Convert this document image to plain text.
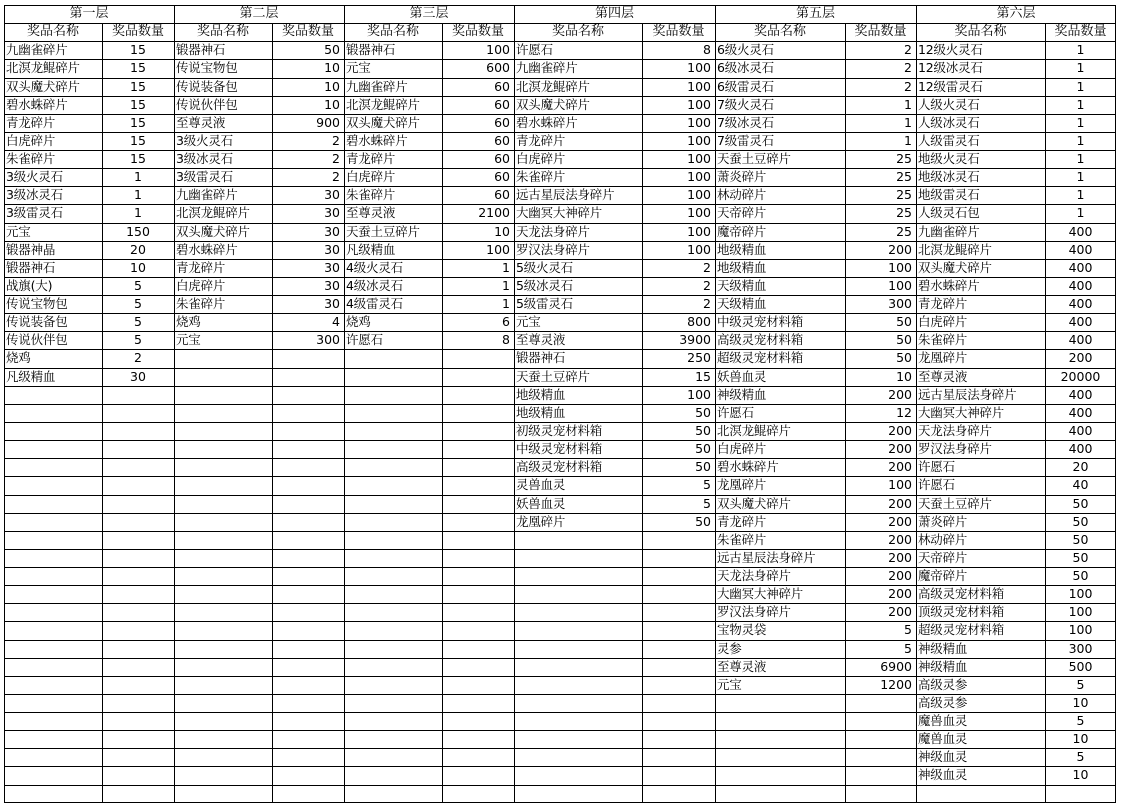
第一层
奖品名称	奖品数量
九幽雀碎片	15
北溟龙鲲碎片	15
双头魔犬碎片	15
碧水蛛碎片	15
青龙碎片	15
白虎碎片	15
朱雀碎片	15
3级火灵石	1
3级冰灵石	1
3级雷灵石	1
元宝	150
锻器神晶	20
锻器神石	10
战旗(大)	5
传说宝物包	5
传说装备包	5
传说伙伴包	5
烧鸡	2
凡级精血	30
第二层
奖品名称	奖品数量
锻器神石	50
传说宝物包	10
传说装备包	10
传说伙伴包	10
至尊灵液	900
3级火灵石	2
3级冰灵石	2
3级雷灵石	2
九幽雀碎片	30
北溟龙鲲碎片	30
双头魔犬碎片	30
碧水蛛碎片	30
青龙碎片	30
白虎碎片	30
朱雀碎片	30
烧鸡	4
元宝	300
第三层
奖品名称	奖品数量
锻器神石	100
元宝	600
九幽雀碎片	60
北溟龙鲲碎片	60
双头魔犬碎片	60
碧水蛛碎片	60
青龙碎片	60
白虎碎片	60
朱雀碎片	60
至尊灵液	2100
天蚕土豆碎片	10
凡级精血	100
4级火灵石	1
4级冰灵石	1
4级雷灵石	1
烧鸡	6
许愿石	8
第四层
奖品名称	奖品数量
许愿石	8
九幽雀碎片	100
北溟龙鲲碎片	100
双头魔犬碎片	100
碧水蛛碎片	100
青龙碎片	100
白虎碎片	100
朱雀碎片	100
远古星辰法身碎片	100
大幽冥大神碎片	100
天龙法身碎片	100
罗汉法身碎片	100
5级火灵石	2
5级冰灵石	2
5级雷灵石	2
元宝	800
至尊灵液	3900
锻器神石	250
天蚕土豆碎片	15
地级精血	100
地级精血	50
初级灵宠材料箱	50
中级灵宠材料箱	50
高级灵宠材料箱	50
灵兽血灵	5
妖兽血灵	5
龙凰碎片	50
第五层
奖品名称	奖品数量
6级火灵石	2
6级冰灵石	2
6级雷灵石	2
7级火灵石	1
7级冰灵石	1
7级雷灵石	1
天蚕土豆碎片	25
萧炎碎片	25
林动碎片	25
天帝碎片	25
魔帝碎片	25
地级精血	200
地级精血	100
天级精血	100
天级精血	300
中级灵宠材料箱	50
高级灵宠材料箱	50
超级灵宠材料箱	50
妖兽血灵	10
神级精血	200
许愿石	12
北溟龙鲲碎片	200
白虎碎片	200
碧水蛛碎片	200
龙凰碎片	100
双头魔犬碎片	200
青龙碎片	200
朱雀碎片	200
远古星辰法身碎片	200
天龙法身碎片	200
大幽冥大神碎片	200
罗汉法身碎片	200
宝物灵袋	5
灵参	5
至尊灵液	6900
元宝	1200
第六层
奖品名称	奖品数量
12级火灵石	1
12级冰灵石	1
12级雷灵石	1
人级火灵石	1
人级冰灵石	1
人级雷灵石	1
地级火灵石	1
地级冰灵石	1
地级雷灵石	1
人级灵石包	1
九幽雀碎片	400
北溟龙鲲碎片	400
双头魔犬碎片	400
碧水蛛碎片	400
青龙碎片	400
白虎碎片	400
朱雀碎片	400
龙凰碎片	200
至尊灵液	20000
远古星辰法身碎片	400
大幽冥大神碎片	400
天龙法身碎片	400
罗汉法身碎片	400
许愿石	20
许愿石	40
天蚕土豆碎片	50
萧炎碎片	50
林动碎片	50
天帝碎片	50
魔帝碎片	50
高级灵宠材料箱	100
顶级灵宠材料箱	100
超级灵宠材料箱	100
神级精血	300
神级精血	500
高级灵参	5
高级灵参	10
魔兽血灵	5
魔兽血灵	10
神级血灵	5
神级血灵	10
